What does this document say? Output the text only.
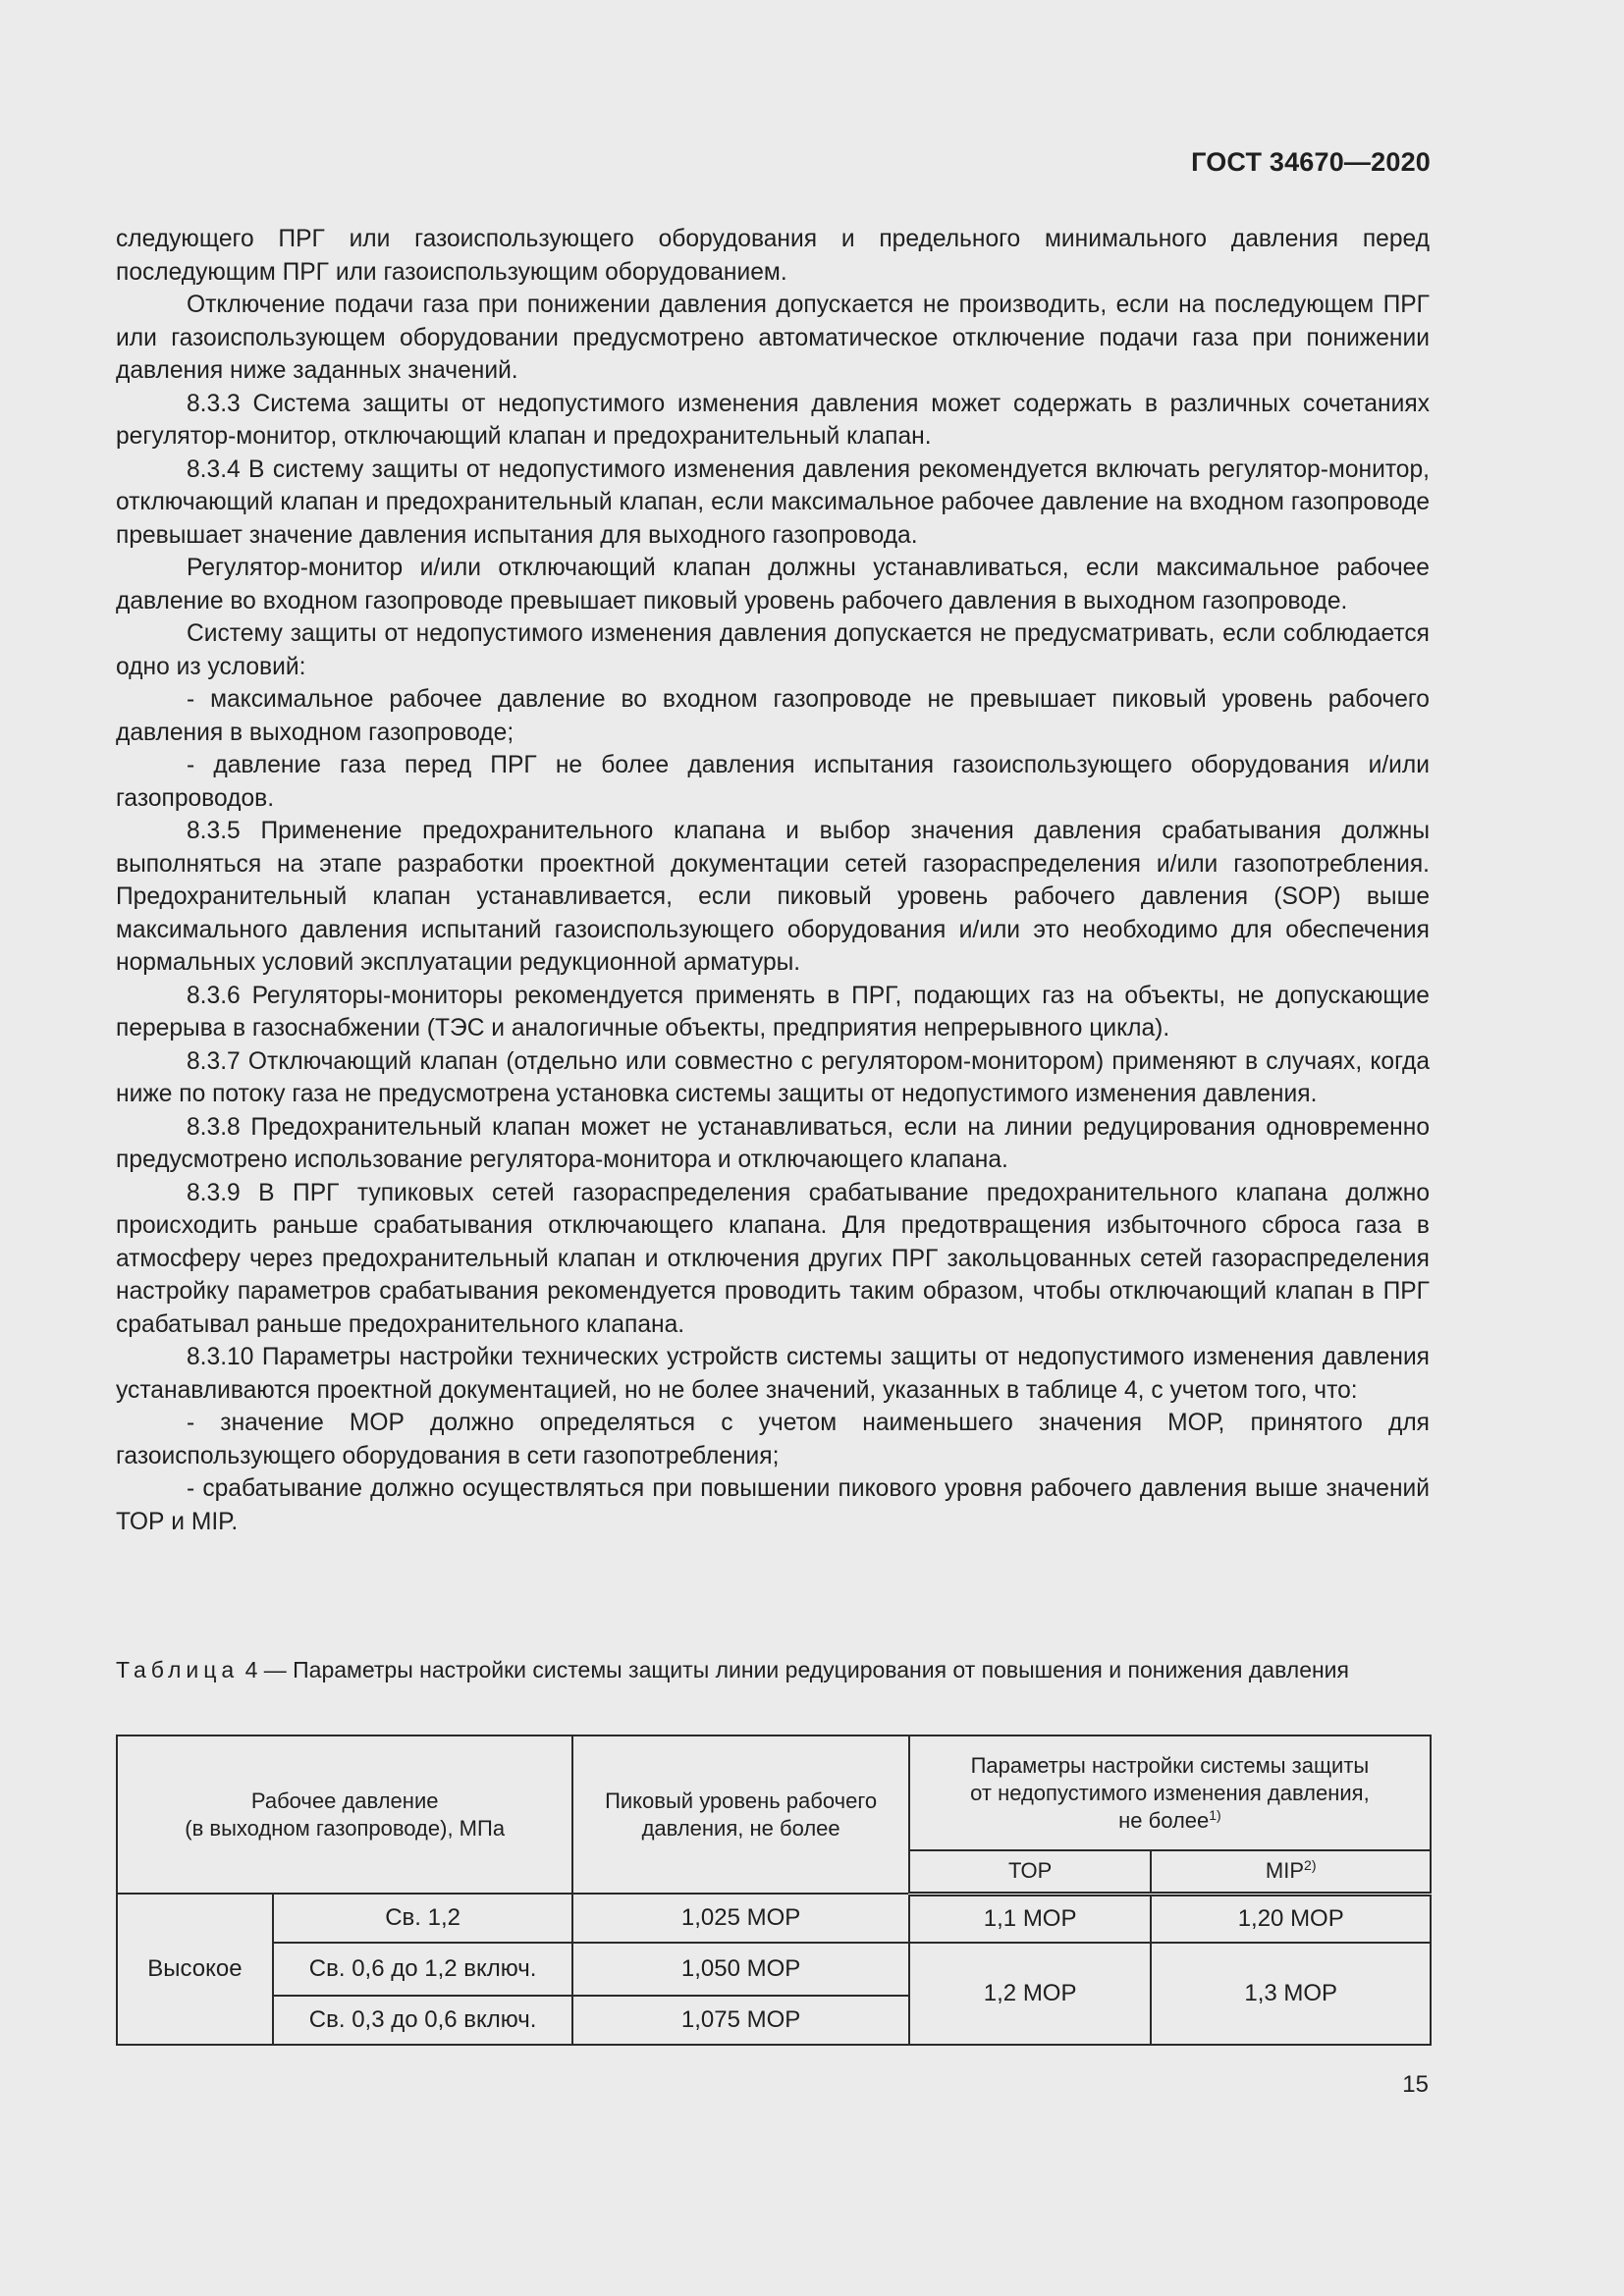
ГОСТ 34670—2020

следующего ПРГ или газоиспользующего оборудования и предельного минимального давления перед последующим ПРГ или газоиспользующим оборудованием.

Отключение подачи газа при понижении давления допускается не производить, если на последующем ПРГ или газоиспользующем оборудовании предусмотрено автоматическое отключение подачи газа при понижении давления ниже заданных значений.

8.3.3 Система защиты от недопустимого изменения давления может содержать в различных сочетаниях регулятор-монитор, отключающий клапан и предохранительный клапан.

8.3.4 В систему защиты от недопустимого изменения давления рекомендуется включать регулятор-монитор, отключающий клапан и предохранительный клапан, если максимальное рабочее давление на входном газопроводе превышает значение давления испытания для выходного газопровода.

Регулятор-монитор и/или отключающий клапан должны устанавливаться, если максимальное рабочее давление во входном газопроводе превышает пиковый уровень рабочего давления в выходном газопроводе.

Систему защиты от недопустимого изменения давления допускается не предусматривать, если соблюдается одно из условий:

- максимальное рабочее давление во входном газопроводе не превышает пиковый уровень рабочего давления в выходном газопроводе;

- давление газа перед ПРГ не более давления испытания газоиспользующего оборудования и/или газопроводов.

8.3.5 Применение предохранительного клапана и выбор значения давления срабатывания должны выполняться на этапе разработки проектной документации сетей газораспределения и/или газопотребления. Предохранительный клапан устанавливается, если пиковый уровень рабочего давления (SOP) выше максимального давления испытаний газоиспользующего оборудования и/или это необходимо для обеспечения нормальных условий эксплуатации редукционной арматуры.

8.3.6 Регуляторы-мониторы рекомендуется применять в ПРГ, подающих газ на объекты, не допускающие перерыва в газоснабжении (ТЭС и аналогичные объекты, предприятия непрерывного цикла).

8.3.7 Отключающий клапан (отдельно или совместно с регулятором-монитором) применяют в случаях, когда ниже по потоку газа не предусмотрена установка системы защиты от недопустимого изменения давления.

8.3.8 Предохранительный клапан может не устанавливаться, если на линии редуцирования одновременно предусмотрено использование регулятора-монитора и отключающего клапана.

8.3.9 В ПРГ тупиковых сетей газораспределения срабатывание предохранительного клапана должно происходить раньше срабатывания отключающего клапана. Для предотвращения избыточного сброса газа в атмосферу через предохранительный клапан и отключения других ПРГ закольцованных сетей газораспределения настройку параметров срабатывания рекомендуется проводить таким образом, чтобы отключающий клапан в ПРГ срабатывал раньше предохранительного клапана.

8.3.10 Параметры настройки технических устройств системы защиты от недопустимого изменения давления устанавливаются проектной документацией, но не более значений, указанных в таблице 4, с учетом того, что:

- значение МОР должно определяться с учетом наименьшего значения МОР, принятого для газоиспользующего оборудования в сети газопотребления;

- срабатывание должно осуществляться при повышении пикового уровня рабочего давления выше значений ТОР и MIP.

Таблица 4 — Параметры настройки системы защиты линии редуцирования от повышения и понижения давления
Рабочее давление
(в выходном газопроводе), МПа		Пиковый уровень рабочего давления, не более	Параметры настройки системы защиты
от недопустимого изменения давления,
не более$^{1)}$
			ТОР	MIP$^{2)}$
Высокое	Св. 1,2	1,025 МОР	1,1 МОР	1,20 МОР
	Св. 0,6 до 1,2 включ.	1,050 МОР	1,2 МОР	1,3 МОР
	Св. 0,3 до 0,6 включ.	1,075 МОР		
15
